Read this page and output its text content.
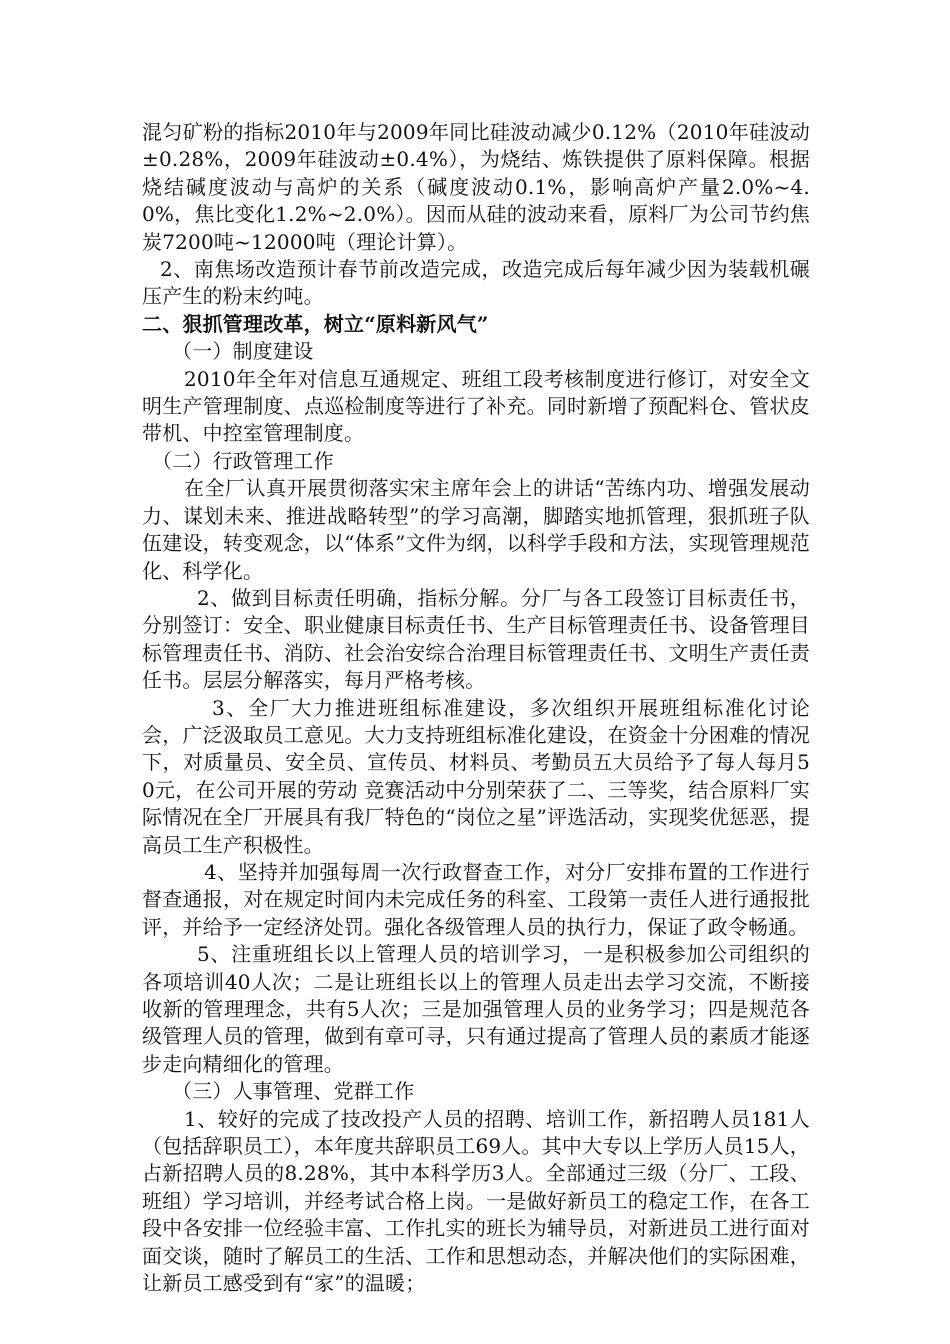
混匀矿粉的指标2010年与2009年同比硅波动减少0.12%（2010年硅波动±0.28%，2009年硅波动±0.4%），为烧结、炼铁提供了原料保障。根据烧结碱度波动与高炉的关系（碱度波动0.1%，影响高炉产量2.0%~4.0%，焦比变化1.2%~2.0%）。因而从硅的波动来看，原料厂为公司节约焦炭7200吨~12000吨（理论计算）。

2、南焦场改造预计春节前改造完成，改造完成后每年减少因为装载机碾压产生的粉末约吨。

二、狠抓管理改革，树立“原料新风气”

（一）制度建设

2010年全年对信息互通规定、班组工段考核制度进行修订，对安全文明生产管理制度、点巡检制度等进行了补充。同时新增了预配料仓、管状皮带机、中控室管理制度。

（二）行政管理工作

在全厂认真开展贯彻落实宋主席年会上的讲话“苦练内功、增强发展动力、谋划未来、推进战略转型”的学习高潮，脚踏实地抓管理，狠抓班子队伍建设，转变观念，以“体系”文件为纲，以科学手段和方法，实现管理规范化、科学化。

2、做到目标责任明确，指标分解。分厂与各工段签订目标责任书，分别签订：安全、职业健康目标责任书、生产目标管理责任书、设备管理目标管理责任书、消防、社会治安综合治理目标管理责任书、文明生产责任责任书。层层分解落实，每月严格考核。

3、全厂大力推进班组标准建设，多次组织开展班组标准化讨论会，广泛汲取员工意见。大力支持班组标准化建设，在资金十分困难的情况下，对质量员、安全员、宣传员、材料员、考勤员五大员给予了每人每月50元，在公司开展的劳动 竞赛活动中分别荣获了二、三等奖，结合原料厂实际情况在全厂开展具有我厂特色的“岗位之星”评选活动，实现奖优惩恶，提高员工生产积极性。

4、坚持并加强每周一次行政督查工作，对分厂安排布置的工作进行督查通报，对在规定时间内未完成任务的科室、工段第一责任人进行通报批评，并给予一定经济处罚。强化各级管理人员的执行力，保证了政令畅通。

5、注重班组长以上管理人员的培训学习，一是积极参加公司组织的各项培训40人次；二是让班组长以上的管理人员走出去学习交流，不断接收新的管理理念，共有5人次；三是加强管理人员的业务学习；四是规范各级管理人员的管理，做到有章可寻，只有通过提高了管理人员的素质才能逐步走向精细化的管理。

（三）人事管理、党群工作

1、较好的完成了技改投产人员的招聘、培训工作，新招聘人员181人（包括辞职员工），本年度共辞职员工69人。其中大专以上学历人员15人，占新招聘人员的8.28%，其中本科学历3人。全部通过三级（分厂、工段、班组）学习培训，并经考试合格上岗。一是做好新员工的稳定工作，在各工段中各安排一位经验丰富、工作扎实的班长为辅导员，对新进员工进行面对面交谈，随时了解员工的生活、工作和思想动态，并解决他们的实际困难，让新员工感受到有“家”的温暖；
